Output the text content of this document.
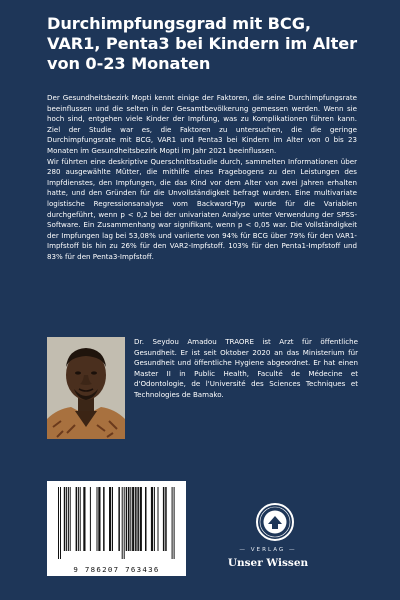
Durchimpfungsgrad mit BCG, VAR1, Penta3 bei Kindern im Alter von 0-23 Monaten

Der Gesundheitsbezirk Mopti kennt einige der Faktoren, die seine Durchimpfungsrate beeinflussen und die selten in der Gesamtbevölkerung gemessen werden. Wenn sie hoch sind, entgehen viele Kinder der Impfung, was zu Komplikationen führen kann. Ziel der Studie war es, die Faktoren zu untersuchen, die die geringe Durchimpfungsrate mit BCG, VAR1 und Penta3 bei Kindern im Alter von 0 bis 23 Monaten im Gesundheitsbezirk Mopti im Jahr 2021 beeinflussen.

Wir führten eine deskriptive Querschnittsstudie durch, sammelten Informationen über 280 ausgewählte Mütter, die mithilfe eines Fragebogens zu den Leistungen des Impfdienstes, den Impfungen, die das Kind vor dem Alter von zwei Jahren erhalten hatte, und den Gründen für die Unvollständigkeit befragt wurden. Eine multivariate logistische Regressionsanalyse vom Backward-Typ wurde für die Variablen durchgeführt, wenn p < 0,2 bei der univariaten Analyse unter Verwendung der SPSS-Software. Ein Zusammenhang war signifikant, wenn p < 0,05 war. Die Vollständigkeit der Impfungen lag bei 53,08% und variierte von 94% für BCG über 79% für den VAR1-Impfstoff bis hin zu 26% für den VAR2-Impfstoff. 103% für den Penta1-Impfstoff und 83% für den Penta3-Impfstoff.

Dr. Seydou Amadou TRAORE ist Arzt für öffentliche Gesundheit. Er ist seit Oktober 2020 an das Ministerium für Gesundheit und öffentliche Hygiene abgeordnet. Er hat einen Master II in Public Health, Faculté de Médecine et d'Odontologie, de l'Université des Sciences Techniques et Technologies de Bamako.
9 786207 763436
— VERLAG —
Unser Wissen
